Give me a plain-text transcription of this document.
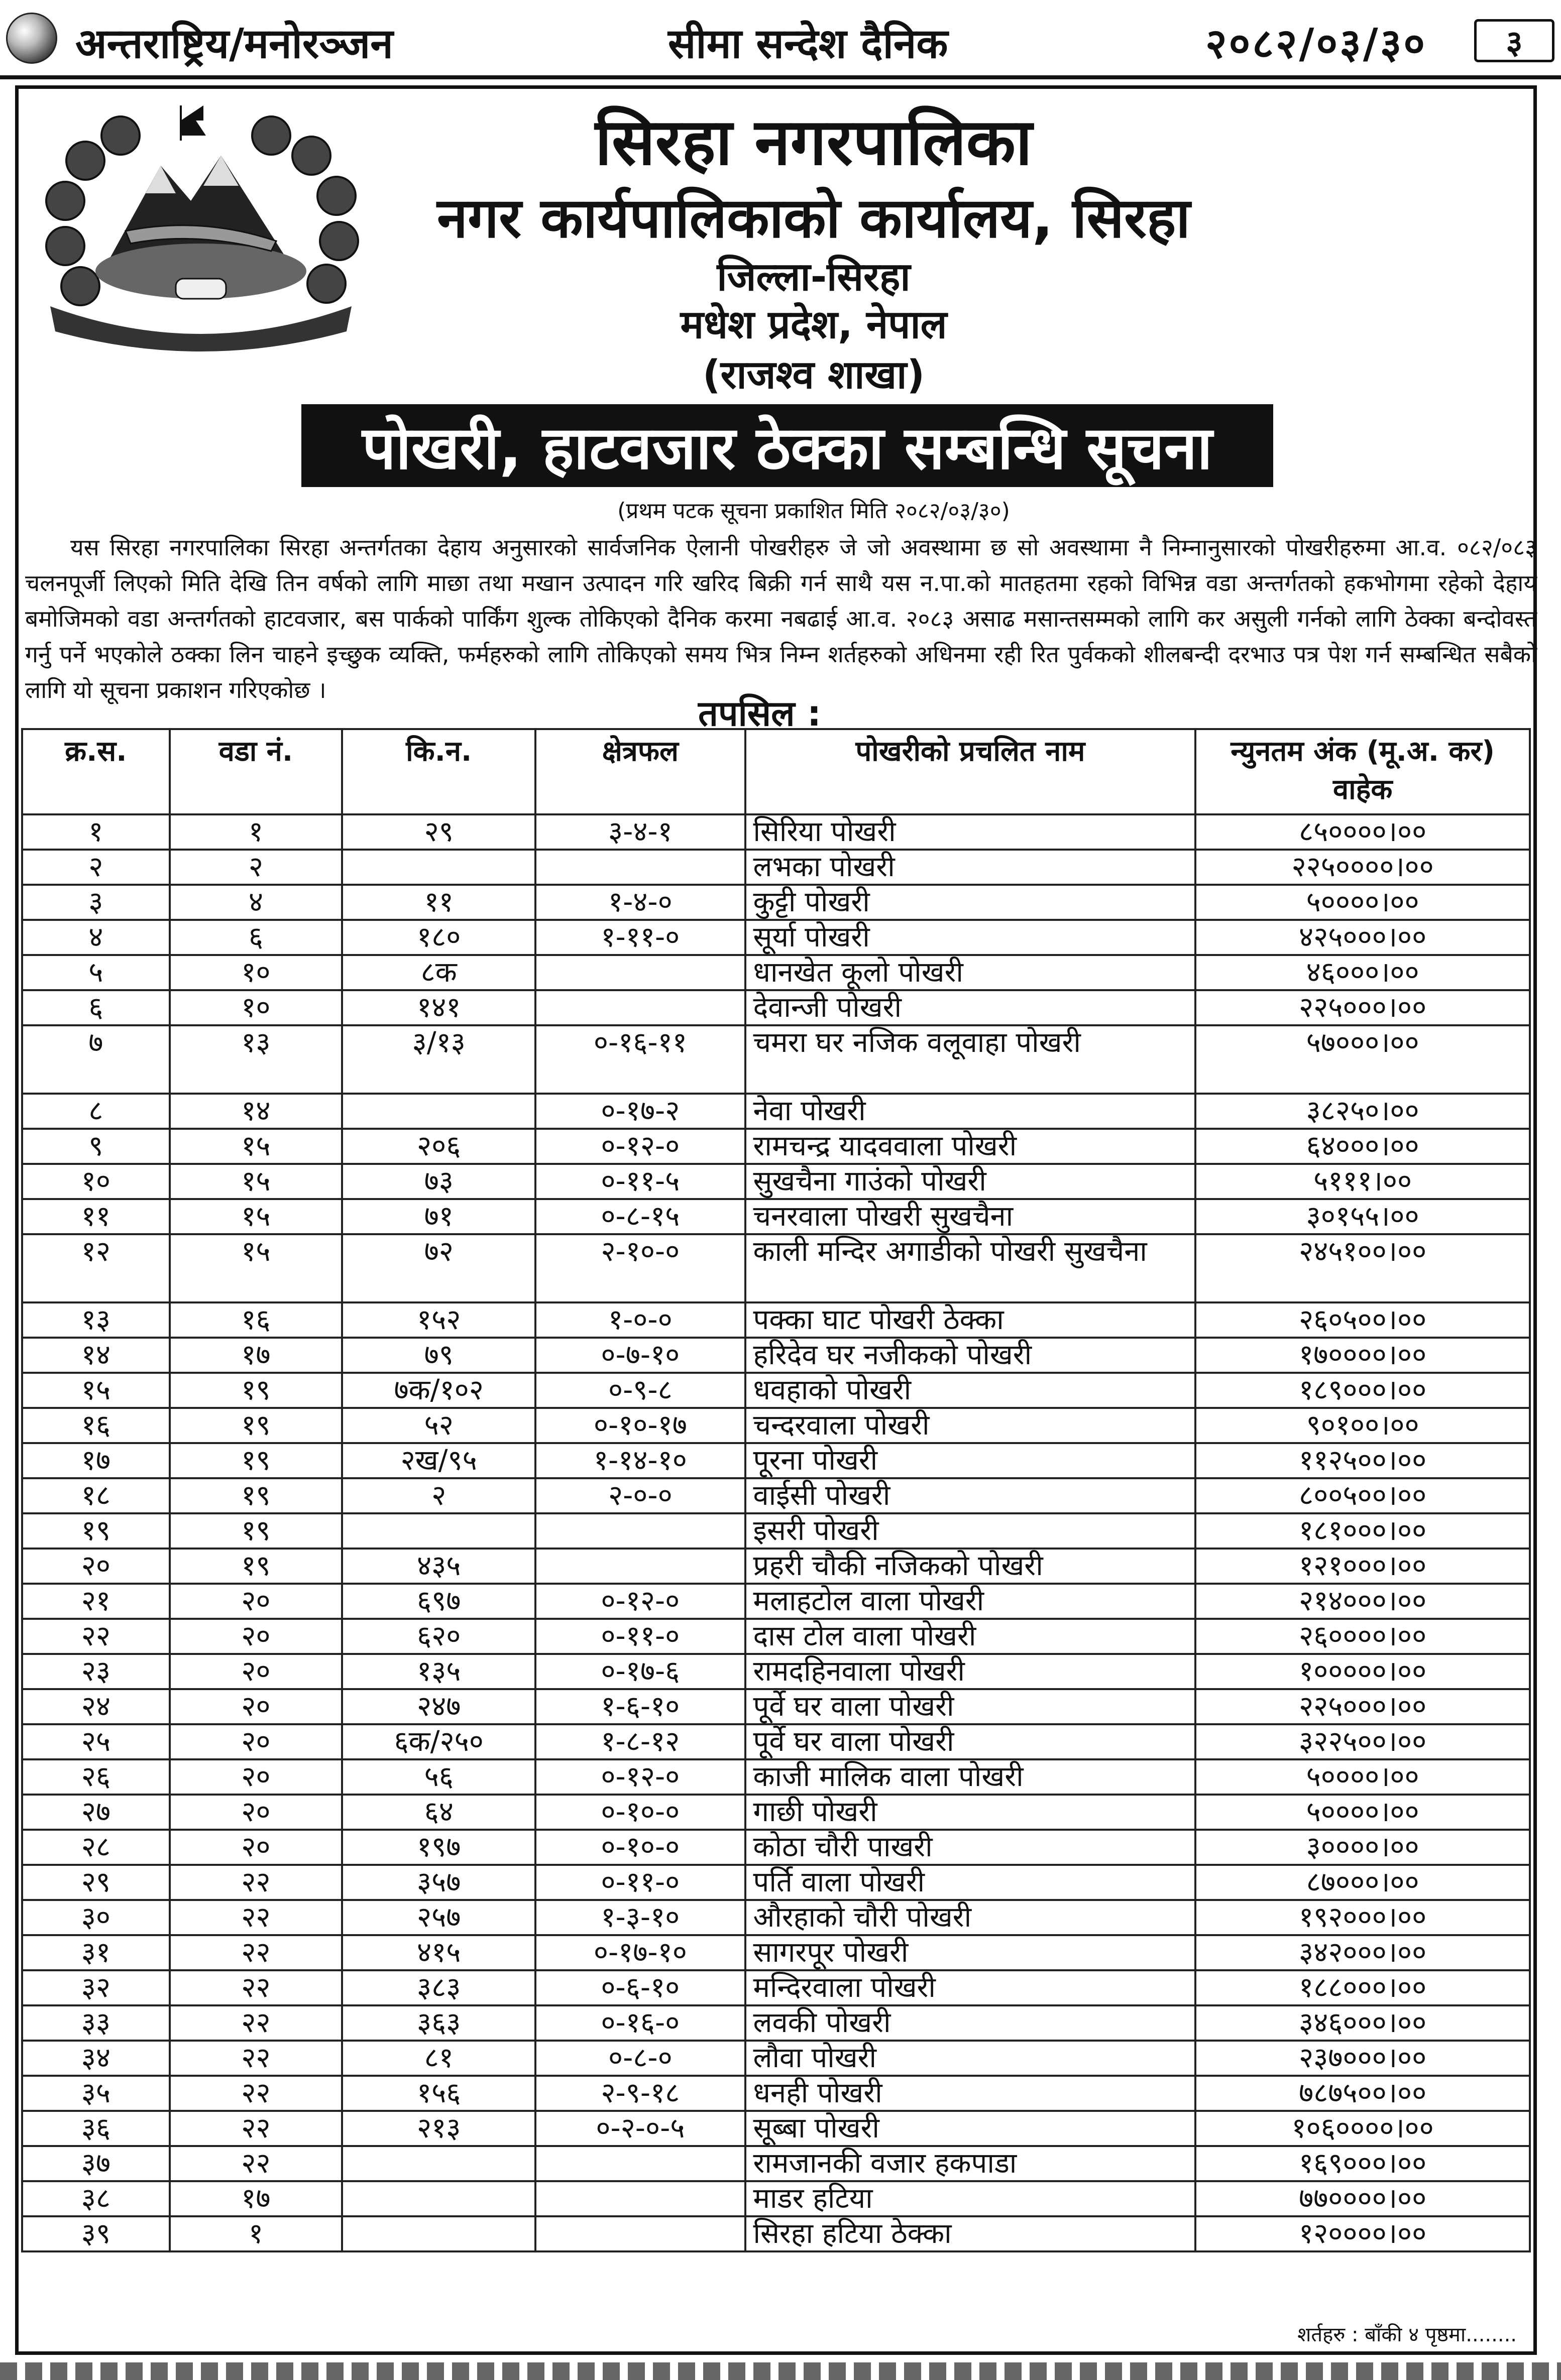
अन्तराष्ट्रिय/मनोरञ्जन	सीमा सन्देश दैनिक	२०८२/०३/३०	३
सिरहा नगरपालिका
नगर कार्यपालिकाको कार्यालय, सिरहा
जिल्ला-सिरहा
मधेश प्रदेश, नेपाल
(राजश्व शाखा)
पोखरी, हाटवजार ठेक्का सम्बन्धि सूचना
(प्रथम पटक सूचना प्रकाशित मिति २०८२/०३/३०)
यस सिरहा नगरपालिका सिरहा अन्तर्गतका देहाय अनुसारको सार्वजनिक ऐलानी पोखरीहरु जे जो अवस्थामा छ सो अवस्थामा नै निम्नानुसारको पोखरीहरुमा आ.व. ०८२/०८३ चलनपूर्जी लिएको मिति देखि तिन वर्षको लागि माछा तथा मखान उत्पादन गरि खरिद बिक्री गर्न साथै यस न.पा.को मातहतमा रहको विभिन्न वडा अन्तर्गतको हकभोगमा रहेको देहाय बमोजिमको वडा अन्तर्गतको हाटवजार, बस पार्कको पार्किंग शुल्क तोकिएको दैनिक करमा नबढाई आ.व. २०८३ असाढ मसान्तसम्मको लागि कर असुली गर्नको लागि ठेक्का बन्दोवस्त गर्नु पर्ने भएकोले ठक्का लिन चाहने इच्छुक व्यक्ति, फर्महरुको लागि तोकिएको समय भित्र निम्न शर्तहरुको अधिनमा रही रित पुर्वकको शीलबन्दी दरभाउ पत्र पेश गर्न सम्बन्धित सबैको लागि यो सूचना प्रकाशन गरिएकोछ ।
तपसिल :
क्र.स.	वडा नं.	कि.न.	क्षेत्रफल	पोखरीको प्रचलित नाम	न्युनतम अंक (मू.अ. कर) वाहेक
१	१	२९	३-४-१	सिरिया पोखरी	८५००००।००
२	२			लभका पोखरी	२२५००००।००
३	४	११	१-४-०	कुट्टी पोखरी	५००००।००
४	६	१८०	१-११-०	सूर्या पोखरी	४२५०००।००
५	१०	८क		धानखेत कूलो पोखरी	४६०००।००
६	१०	१४१		देवान्जी पोखरी	२२५०००।००
७	१३	३/१३	०-१६-११	चमरा घर नजिक वलूवाहा पोखरी	५७०००।००
८	१४		०-१७-२	नेवा पोखरी	३८२५०।००
९	१५	२०६	०-१२-०	रामचन्द्र यादववाला पोखरी	६४०००।००
१०	१५	७३	०-११-५	सुखचैना गाउंको पोखरी	५१११।००
११	१५	७१	०-८-१५	चनरवाला पोखरी सुखचैना	३०१५५।००
१२	१५	७२	२-१०-०	काली मन्दिर अगाडीको पोखरी सुखचैना	२४५१००।००
१३	१६	१५२	१-०-०	पक्का घाट पोखरी ठेक्का	२६०५००।००
१४	१७	७९	०-७-१०	हरिदेव घर नजीकको पोखरी	१७००००।००
१५	१९	७क/१०२	०-९-८	धवहाको पोखरी	१८९०००।००
१६	१९	५२	०-१०-१७	चन्दरवाला पोखरी	९०१००।००
१७	१९	२ख/९५	१-१४-१०	पूरना पोखरी	११२५००।००
१८	१९	२	२-०-०	वाईसी पोखरी	८००५००।००
१९	१९			इसरी पोखरी	१८१०००।००
२०	१९	४३५		प्रहरी चौकी नजिकको पोखरी	१२१०००।००
२१	२०	६९७	०-१२-०	मलाहटोल वाला पोखरी	२१४०००।००
२२	२०	६२०	०-११-०	दास टोल वाला पोखरी	२६००००।००
२३	२०	१३५	०-१७-६	रामदहिनवाला पोखरी	१०००००।००
२४	२०	२४७	१-६-१०	पूर्वे घर वाला पोखरी	२२५०००।००
२५	२०	६क/२५०	१-८-१२	पूर्वे घर वाला पोखरी	३२२५००।००
२६	२०	५६	०-१२-०	काजी मालिक वाला पोखरी	५००००।००
२७	२०	६४	०-१०-०	गाछी पोखरी	५००००।००
२८	२०	१९७	०-१०-०	कोठा चौरी पाखरी	३००००।००
२९	२२	३५७	०-११-०	पर्ति वाला पोखरी	८७०००।००
३०	२२	२५७	१-३-१०	औरहाको चौरी पोखरी	१९२०००।००
३१	२२	४१५	०-१७-१०	सागरपूर पोखरी	३४२०००।००
३२	२२	३८३	०-६-१०	मन्दिरवाला पोखरी	१८८०००।००
३३	२२	३६३	०-१६-०	लवकी पोखरी	३४६०००।००
३४	२२	८१	०-८-०	लौवा पोखरी	२३७०००।००
३५	२२	१५६	२-९-१८	धनही पोखरी	७८७५००।००
३६	२२	२१३	०-२-०-५	सूब्बा पोखरी	१०६००००।००
३७	२२			रामजानकी वजार हकपाडा	१६९०००।००
३८	१७			माडर हटिया	७७००००।००
३९	१			सिरहा हटिया ठेक्का	१२००००।००
शर्तहरु : बाँकी ४ पृष्ठमा........
